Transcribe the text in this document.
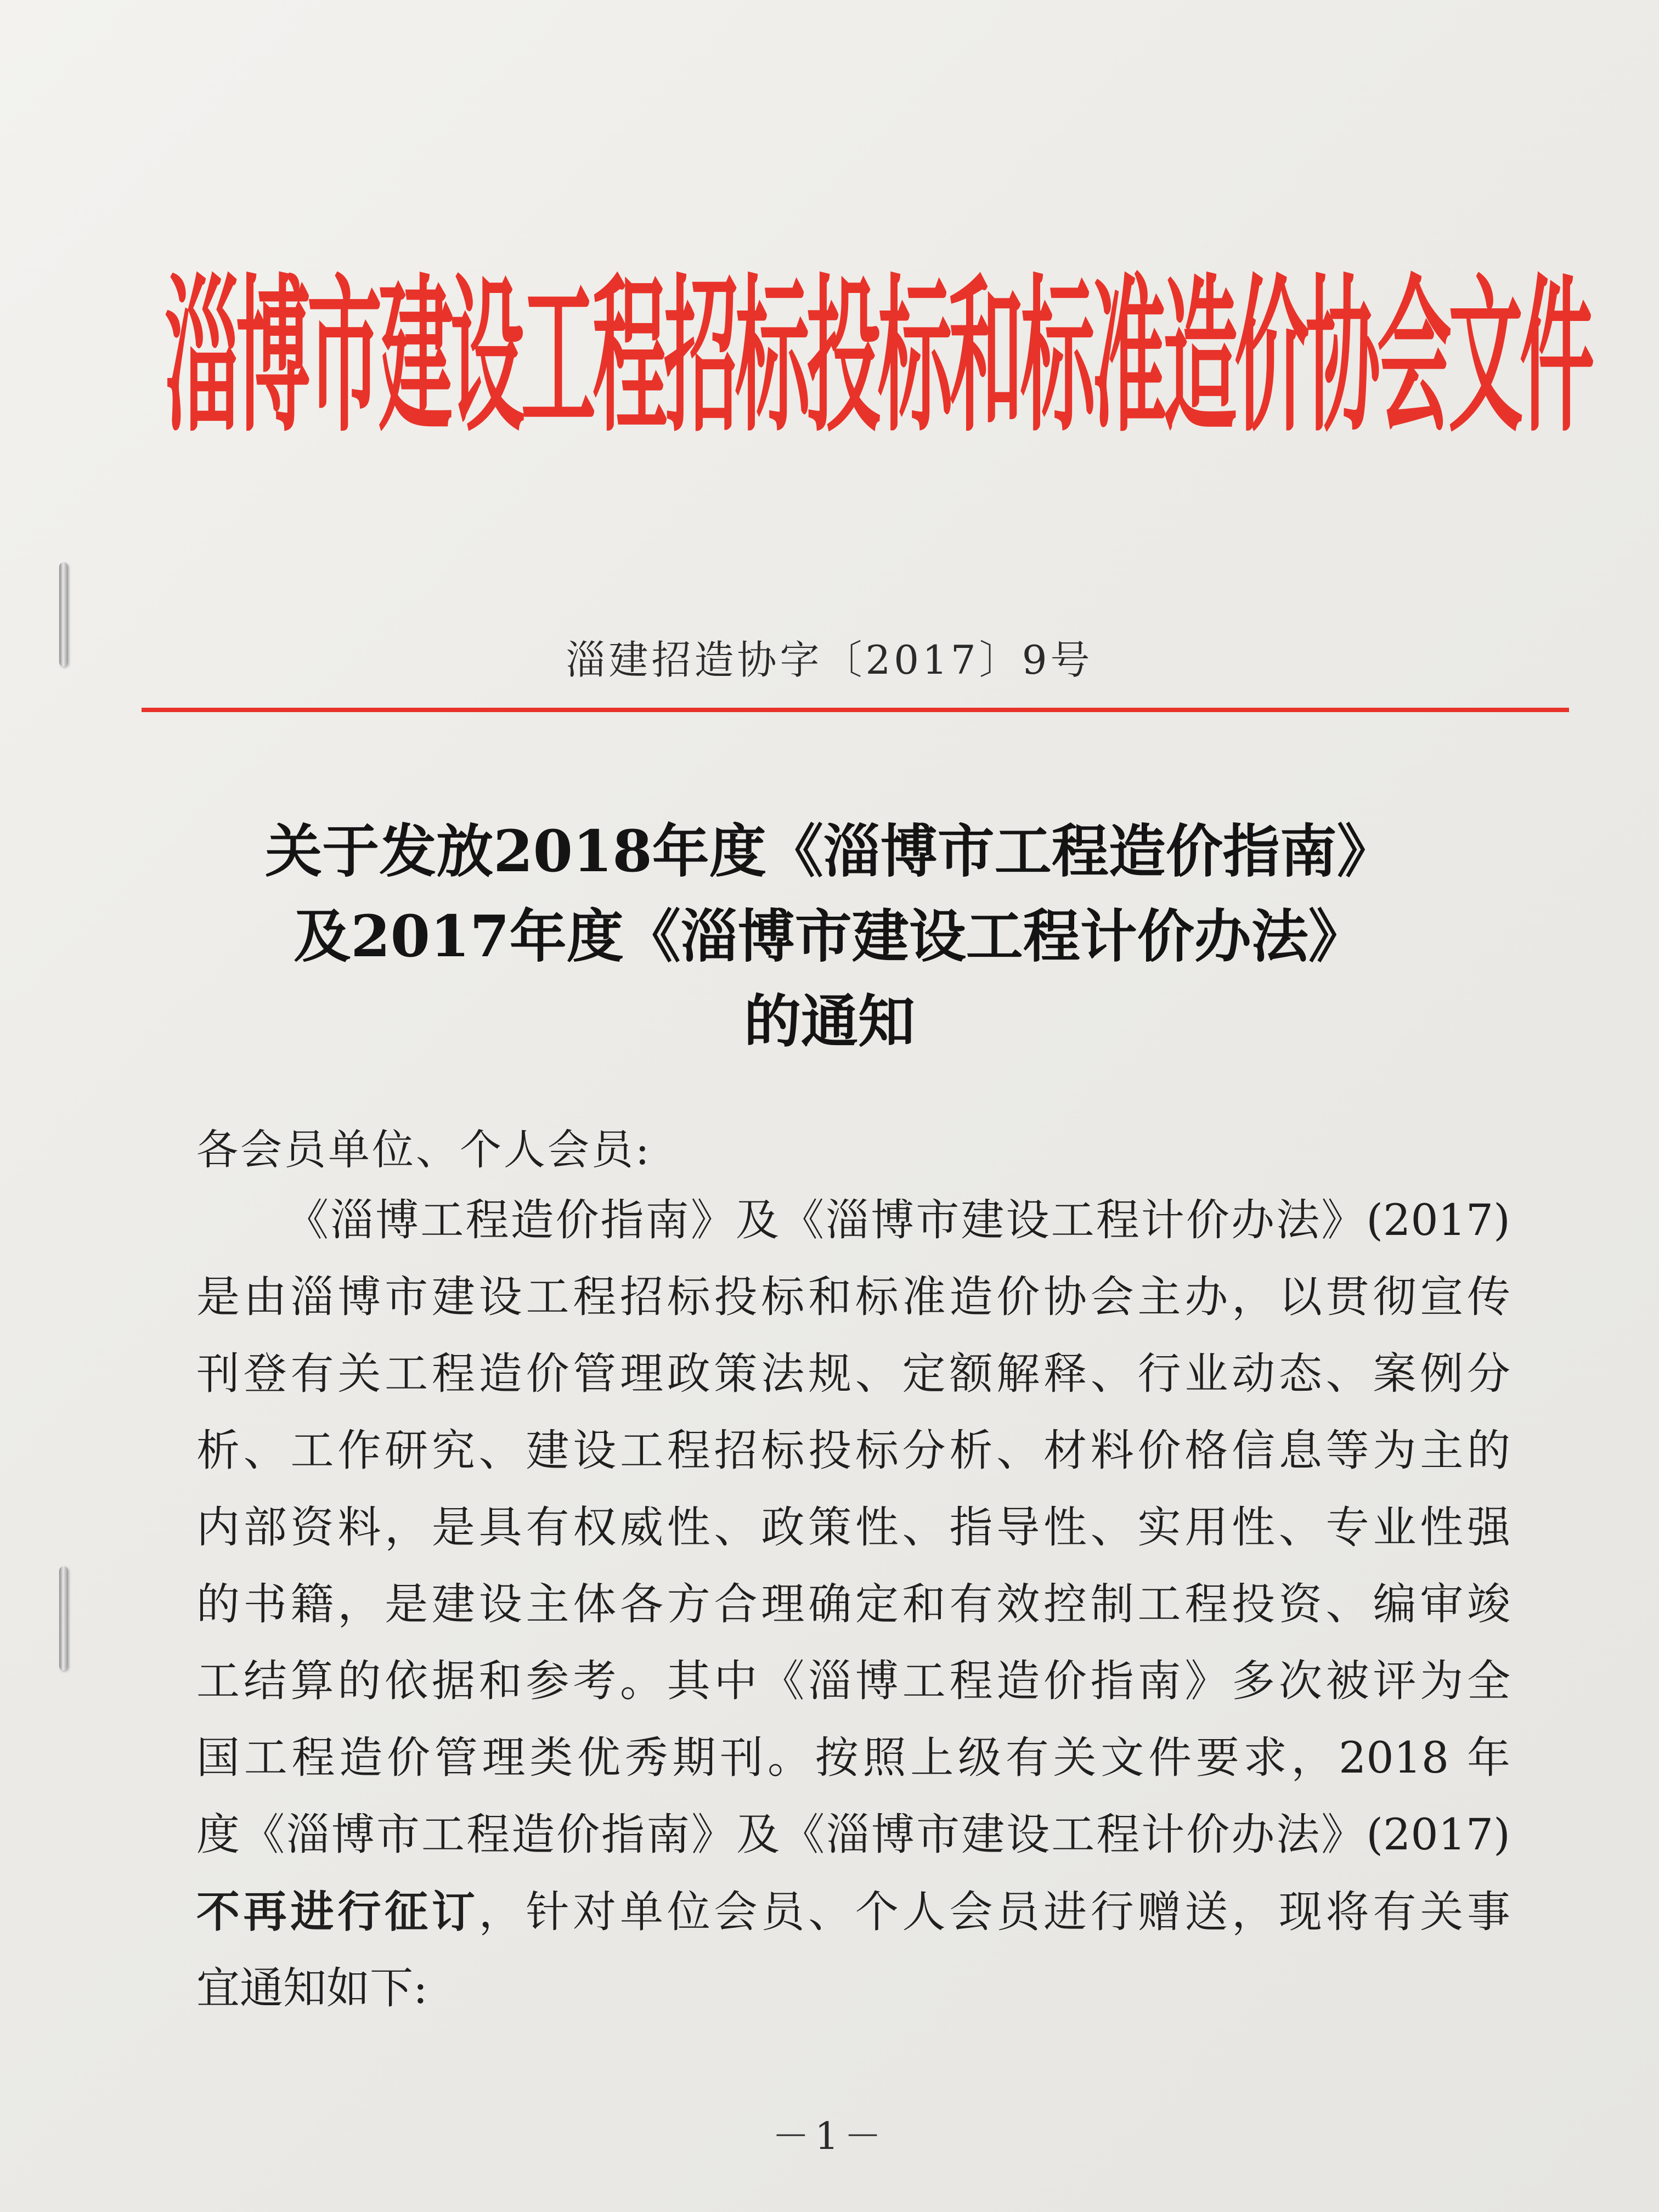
淄博市建设工程招标投标和标准造价协会文件
淄建招造协字〔2017〕9号
关于发放2018年度《淄博市工程造价指南》
及2017年度《淄博市建设工程计价办法》
的通知
各会员单位、个人会员:
《淄博工程造价指南》及《淄博市建设工程计价办法》(2017)
是由淄博市建设工程招标投标和标准造价协会主办，以贯彻宣传
刊登有关工程造价管理政策法规、定额解释、行业动态、案例分
析、工作研究、建设工程招标投标分析、材料价格信息等为主的
内部资料，是具有权威性、政策性、指导性、实用性、专业性强
的书籍，是建设主体各方合理确定和有效控制工程投资、编审竣
工结算的依据和参考。其中《淄博工程造价指南》多次被评为全
国工程造价管理类优秀期刊。按照上级有关文件要求，2018 年
度《淄博市工程造价指南》及《淄博市建设工程计价办法》(2017)
不再进行征订，针对单位会员、个人会员进行赠送，现将有关事
宜通知如下:
－1－
